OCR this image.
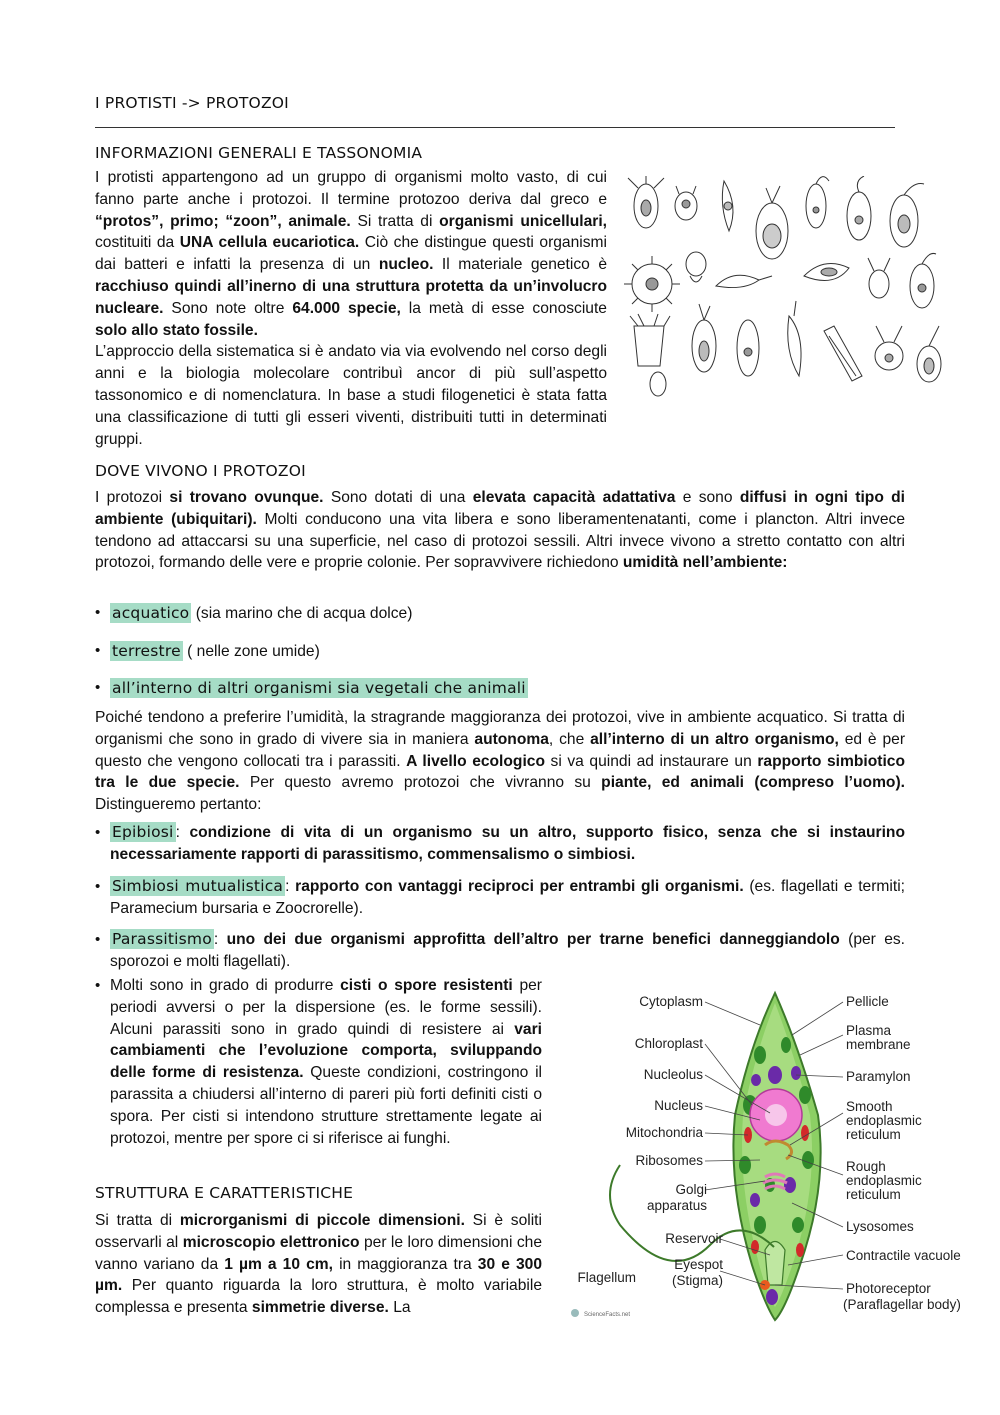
I PROTISTI -> PROTOZOI
INFORMAZIONI GENERALI E TASSONOMIA

I protisti appartengono ad un gruppo di organismi molto vasto, di cui fanno parte anche i protozoi. Il termine protozoo deriva dal greco e “protos”, primo; “zoon”, animale. Si tratta di organismi unicellulari, costituiti da UNA cellula eucariotica. Ciò che distingue questi organismi dai batteri e infatti la presenza di un nucleo. Il materiale genetico è racchiuso quindi all’inerno di una struttura protetta da un’involucro nucleare. Sono note oltre 64.000 specie, la metà di esse conosciute solo allo stato fossile.

L’approccio della sistematica si è andato via via evolvendo nel corso degli anni e la biologia molecolare contribuì ancor di più sull’aspetto tassonomico e di nomenclatura. In base a studi filogenetici è stata fatta una classificazione di tutti gli esseri viventi, distribuiti tutti in determinati gruppi.

DOVE VIVONO I PROTOZOI

I protozoi si trovano ovunque. Sono dotati di una elevata capacità adattativa e sono diffusi in ogni tipo di ambiente (ubiquitari). Molti conducono una vita libera e sono liberamentenatanti, come i plancton. Altri invece tendono ad attaccarsi su una superficie, nel caso di protozoi sessili. Altri invece vivono a stretto contatto con altri protozoi, formando delle vere e proprie colonie. Per sopravvivere richiedono umidità nell’ambiente:

• acquatico (sia marino che di acqua dolce)
• terrestre ( nelle zone umide)
• all’interno di altri organismi sia vegetali che animali

Poiché tendono a preferire l’umidità, la stragrande maggioranza dei protozoi, vive in ambiente acquatico. Si tratta di organismi che sono in grado di vivere sia in maniera autonoma, che all’interno di un altro organismo, ed è per questo che vengono collocati tra i parassiti. A livello ecologico si va quindi ad instaurare un rapporto simbiotico tra le due specie. Per questo avremo protozoi che vivranno su piante, ed animali (compreso l’uomo). Distingueremo pertanto:

• Epibiosi : condizione di vita di un organismo su un altro, supporto fisico, senza che si instaurino necessariamente rapporti di parassitismo, commensalismo o simbiosi.

• Simbiosi mutualistica : rapporto con vantaggi reciproci per entrambi gli organismi. (es. flagellati e termiti; Paramecium bursaria e Zoocrorelle).

• Parassitismo : uno dei due organismi approfitta dell’altro per trarne benefici danneggiandolo (per es. sporozoi e molti flagellati).

• Molti sono in grado di produrre cisti o spore resistenti per periodi avversi o per la dispersione (es. le forme sessili). Alcuni parassiti sono in grado quindi di resistere ai vari cambiamenti che l’evoluzione comporta, sviluppando delle forme di resistenza. Queste condizioni, costringono il parassita a chiudersi all’interno di pareri più forti definiti cisti o spora. Per cisti si intendono strutture strettamente legate ai protozoi, mentre per spore ci si riferisce ai funghi.

STRUTTURA E CARATTERISTICHE

Si tratta di microrganismi di piccole dimensioni. Si è soliti osservarli al microscopio elettronico per le loro dimensioni che vanno variano da 1 µm a 10 cm, in maggioranza tra 30 e 300 µm. Per quanto riguarda la loro struttura, è molto variabile complessa e presenta simmetrie diverse. La

Cytoplasm
Chloroplast
Nucleolus
Nucleus
Mitochondria
Ribosomes
Golgi
apparatus
Reservoir
Eyespot
(Stigma)
Flagellum
Pellicle
Plasma
membrane
Paramylon
Smooth
endoplasmic
reticulum
Rough
endoplasmic
reticulum
Lysosomes
Contractile vacuole
Photoreceptor
(Paraflagellar body)
ScienceFacts.net
